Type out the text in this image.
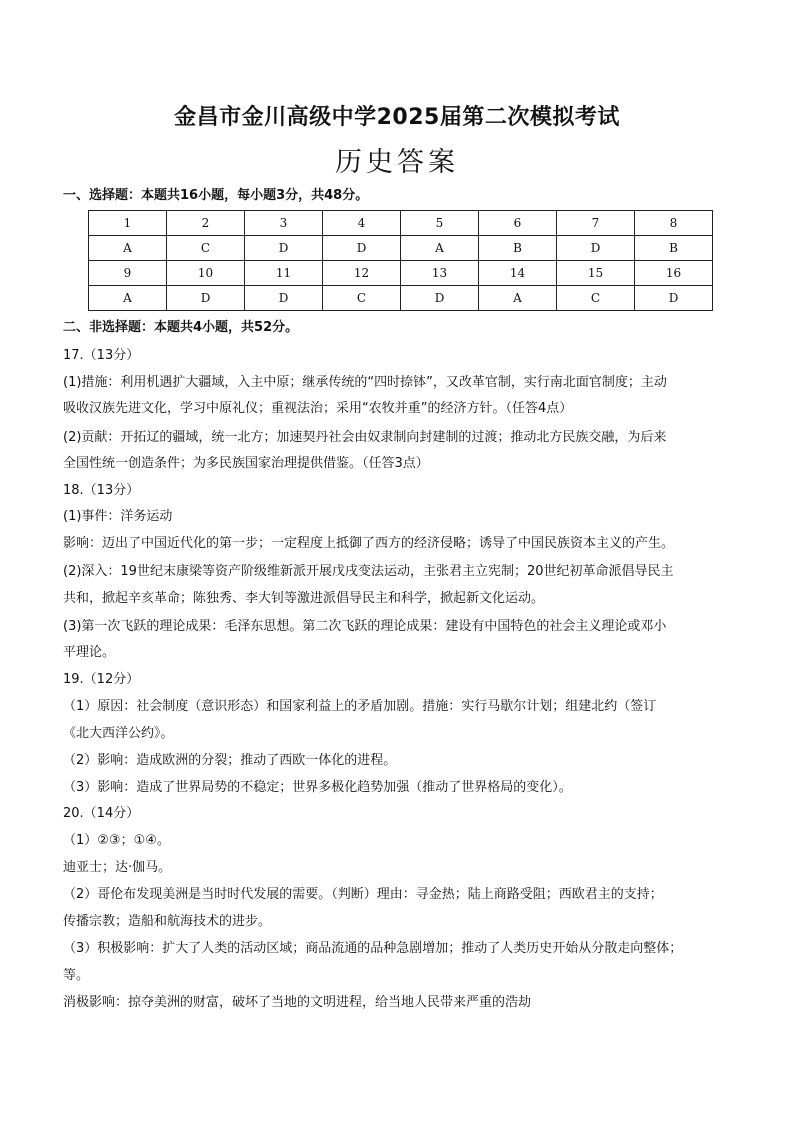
金昌市金川高级中学2025届第二次模拟考试
历史答案
一、选择题：本题共16小题，每小题3分，共48分。
1	2	3	4	5	6	7	8
A	C	D	D	A	B	D	B
9	10	11	12	13	14	15	16
A	D	D	C	D	A	C	D
二、非选择题：本题共4小题，共52分。
17.（13分）
(1)措施：利用机遇扩大疆域，入主中原；继承传统的“四时捺钵”，又改革官制，实行南北面官制度；主动
吸收汉族先进文化，学习中原礼仪；重视法治；采用“农牧并重”的经济方针。（任答4点）
(2)贡献：开拓辽的疆域，统一北方；加速契丹社会由奴隶制向封建制的过渡；推动北方民族交融，为后来
全国性统一创造条件；为多民族国家治理提供借鉴。（任答3点）
18.（13分）
(1)事件：洋务运动
影响：迈出了中国近代化的第一步；一定程度上抵御了西方的经济侵略；诱导了中国民族资本主义的产生。
(2)深入：19世纪末康梁等资产阶级维新派开展戊戌变法运动，主张君主立宪制；20世纪初革命派倡导民主
共和，掀起辛亥革命；陈独秀、李大钊等激进派倡导民主和科学，掀起新文化运动。
(3)第一次飞跃的理论成果：毛泽东思想。第二次飞跃的理论成果：建设有中国特色的社会主义理论或邓小
平理论。
19.（12分）
（1）原因：社会制度（意识形态）和国家利益上的矛盾加剧。措施：实行马歇尔计划；组建北约（签订
《北大西洋公约》。
（2）影响：造成欧洲的分裂；推动了西欧一体化的进程。
（3）影响：造成了世界局势的不稳定；世界多极化趋势加强（推动了世界格局的变化）。
20.（14分）
（1）②③；①④。
迪亚士；达·伽马。
（2）哥伦布发现美洲是当时时代发展的需要。（判断）理由：寻金热；陆上商路受阻；西欧君主的支持；
传播宗教；造船和航海技术的进步。
（3）积极影响：扩大了人类的活动区域；商品流通的品种急剧增加；推动了人类历史开始从分散走向整体；
等。
消极影响：掠夺美洲的财富，破坏了当地的文明进程，给当地人民带来严重的浩劫
